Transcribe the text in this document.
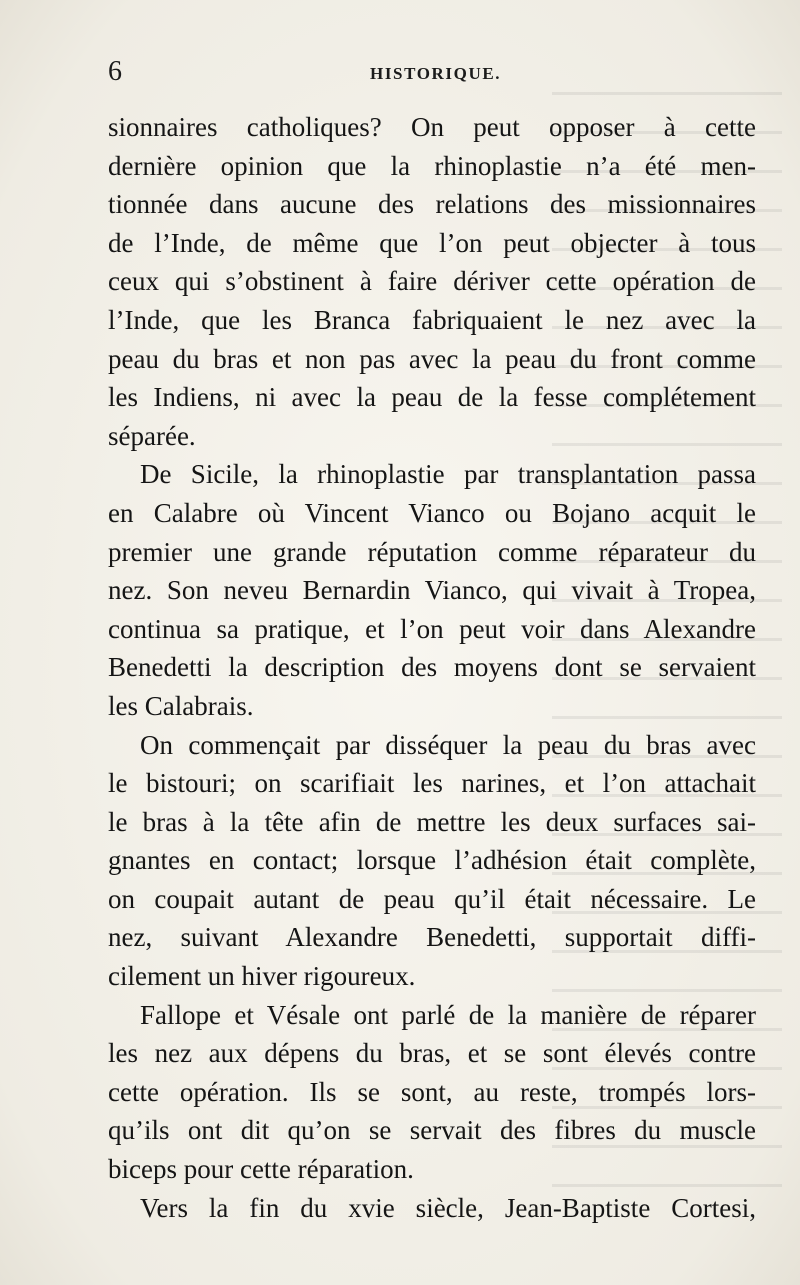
6	HISTORIQUE.
sionnaires catholiques? On peut opposer à cette
dernière opinion que la rhinoplastie n’a été men-
tionnée dans aucune des relations des missionnaires
de l’Inde, de même que l’on peut objecter à tous
ceux qui s’obstinent à faire dériver cette opération de
l’Inde, que les Branca fabriquaient le nez avec la
peau du bras et non pas avec la peau du front comme
les Indiens, ni avec la peau de la fesse complétement
séparée.
De Sicile, la rhinoplastie par transplantation passa
en Calabre où Vincent Vianco ou Bojano acquit le
premier une grande réputation comme réparateur du
nez. Son neveu Bernardin Vianco, qui vivait à Tropea,
continua sa pratique, et l’on peut voir dans Alexandre
Benedetti la description des moyens dont se servaient
les Calabrais.
On commençait par disséquer la peau du bras avec
le bistouri; on scarifiait les narines, et l’on attachait
le bras à la tête afin de mettre les deux surfaces sai-
gnantes en contact; lorsque l’adhésion était complète,
on coupait autant de peau qu’il était nécessaire. Le
nez, suivant Alexandre Benedetti, supportait diffi-
cilement un hiver rigoureux.
Fallope et Vésale ont parlé de la manière de réparer
les nez aux dépens du bras, et se sont élevés contre
cette opération. Ils se sont, au reste, trompés lors-
qu’ils ont dit qu’on se servait des fibres du muscle
biceps pour cette réparation.
Vers la fin du xvie siècle, Jean-Baptiste Cortesi,
